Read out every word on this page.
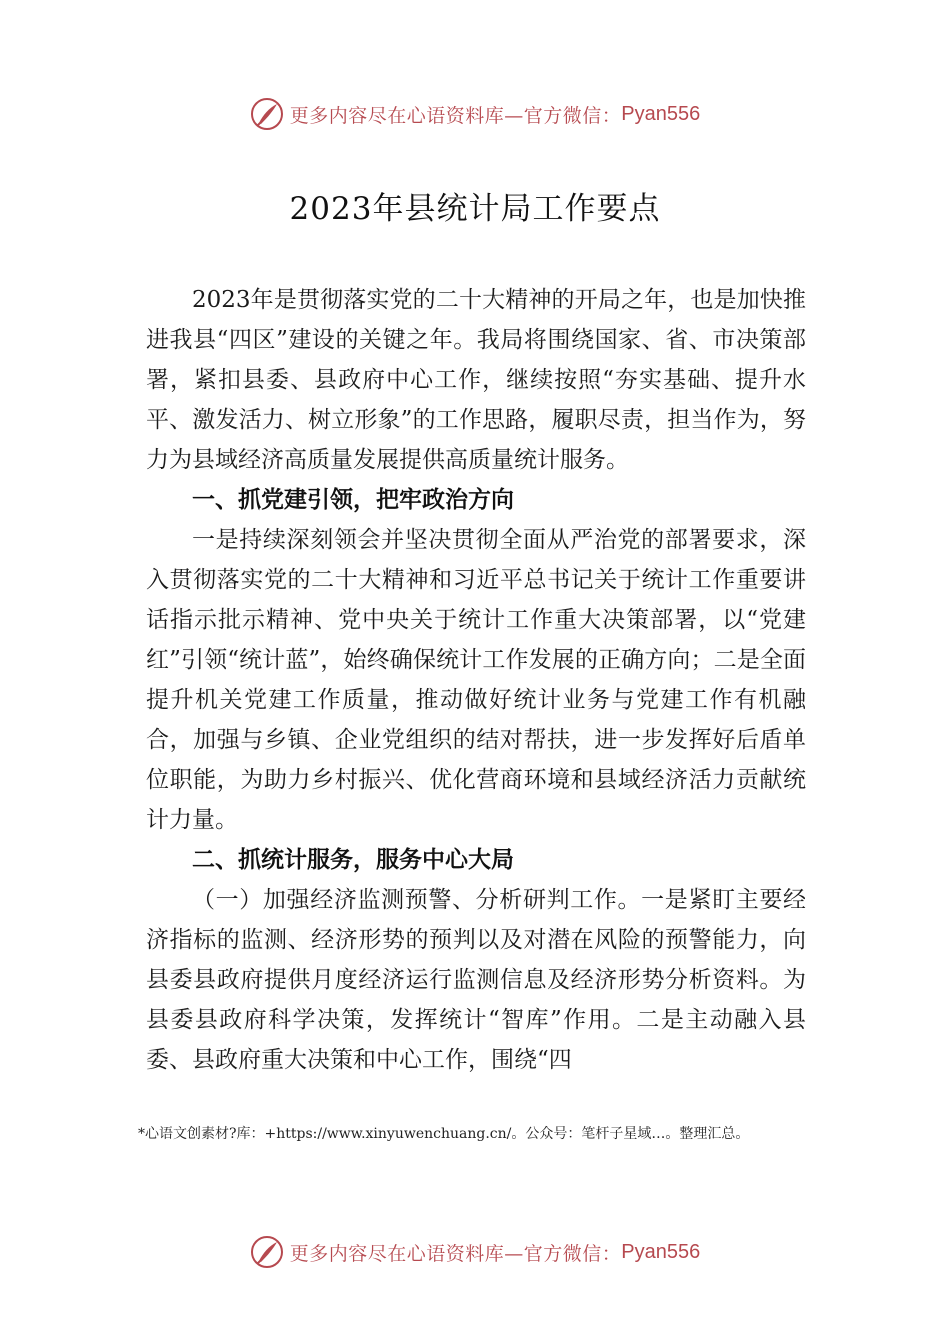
更多内容尽在心语资料库—官方微信： Pyan556
2023年县统计局工作要点

2023年是贯彻落实党的二十大精神的开局之年，也是加快推进我县“四区”建设的关键之年。我局将围绕国家、省、市决策部署，紧扣县委、县政府中心工作，继续按照“夯实基础、提升水平、激发活力、树立形象”的工作思路，履职尽责，担当作为，努力为县域经济高质量发展提供高质量统计服务。

一、抓党建引领，把牢政治方向

一是持续深刻领会并坚决贯彻全面从严治党的部署要求，深入贯彻落实党的二十大精神和习近平总书记关于统计工作重要讲话指示批示精神、党中央关于统计工作重大决策部署，以“党建红”引领“统计蓝”，始终确保统计工作发展的正确方向；二是全面提升机关党建工作质量，推动做好统计业务与党建工作有机融合，加强与乡镇、企业党组织的结对帮扶，进一步发挥好后盾单位职能，为助力乡村振兴、优化营商环境和县域经济活力贡献统计力量。

二、抓统计服务，服务中心大局

（一）加强经济监测预警、分析研判工作。一是紧盯主要经济指标的监测、经济形势的预判以及对潜在风险的预警能力，向县委县政府提供月度经济运行监测信息及经济形势分析资料。为县委县政府科学决策，发挥统计“智库”作用。二是主动融入县委、县政府重大决策和中心工作，围绕“四

*心语文创素材?库：+https://www.xinyuwenchuang.cn/。公众号：笔杆子星域…。整理汇总。
更多内容尽在心语资料库—官方微信： Pyan556
